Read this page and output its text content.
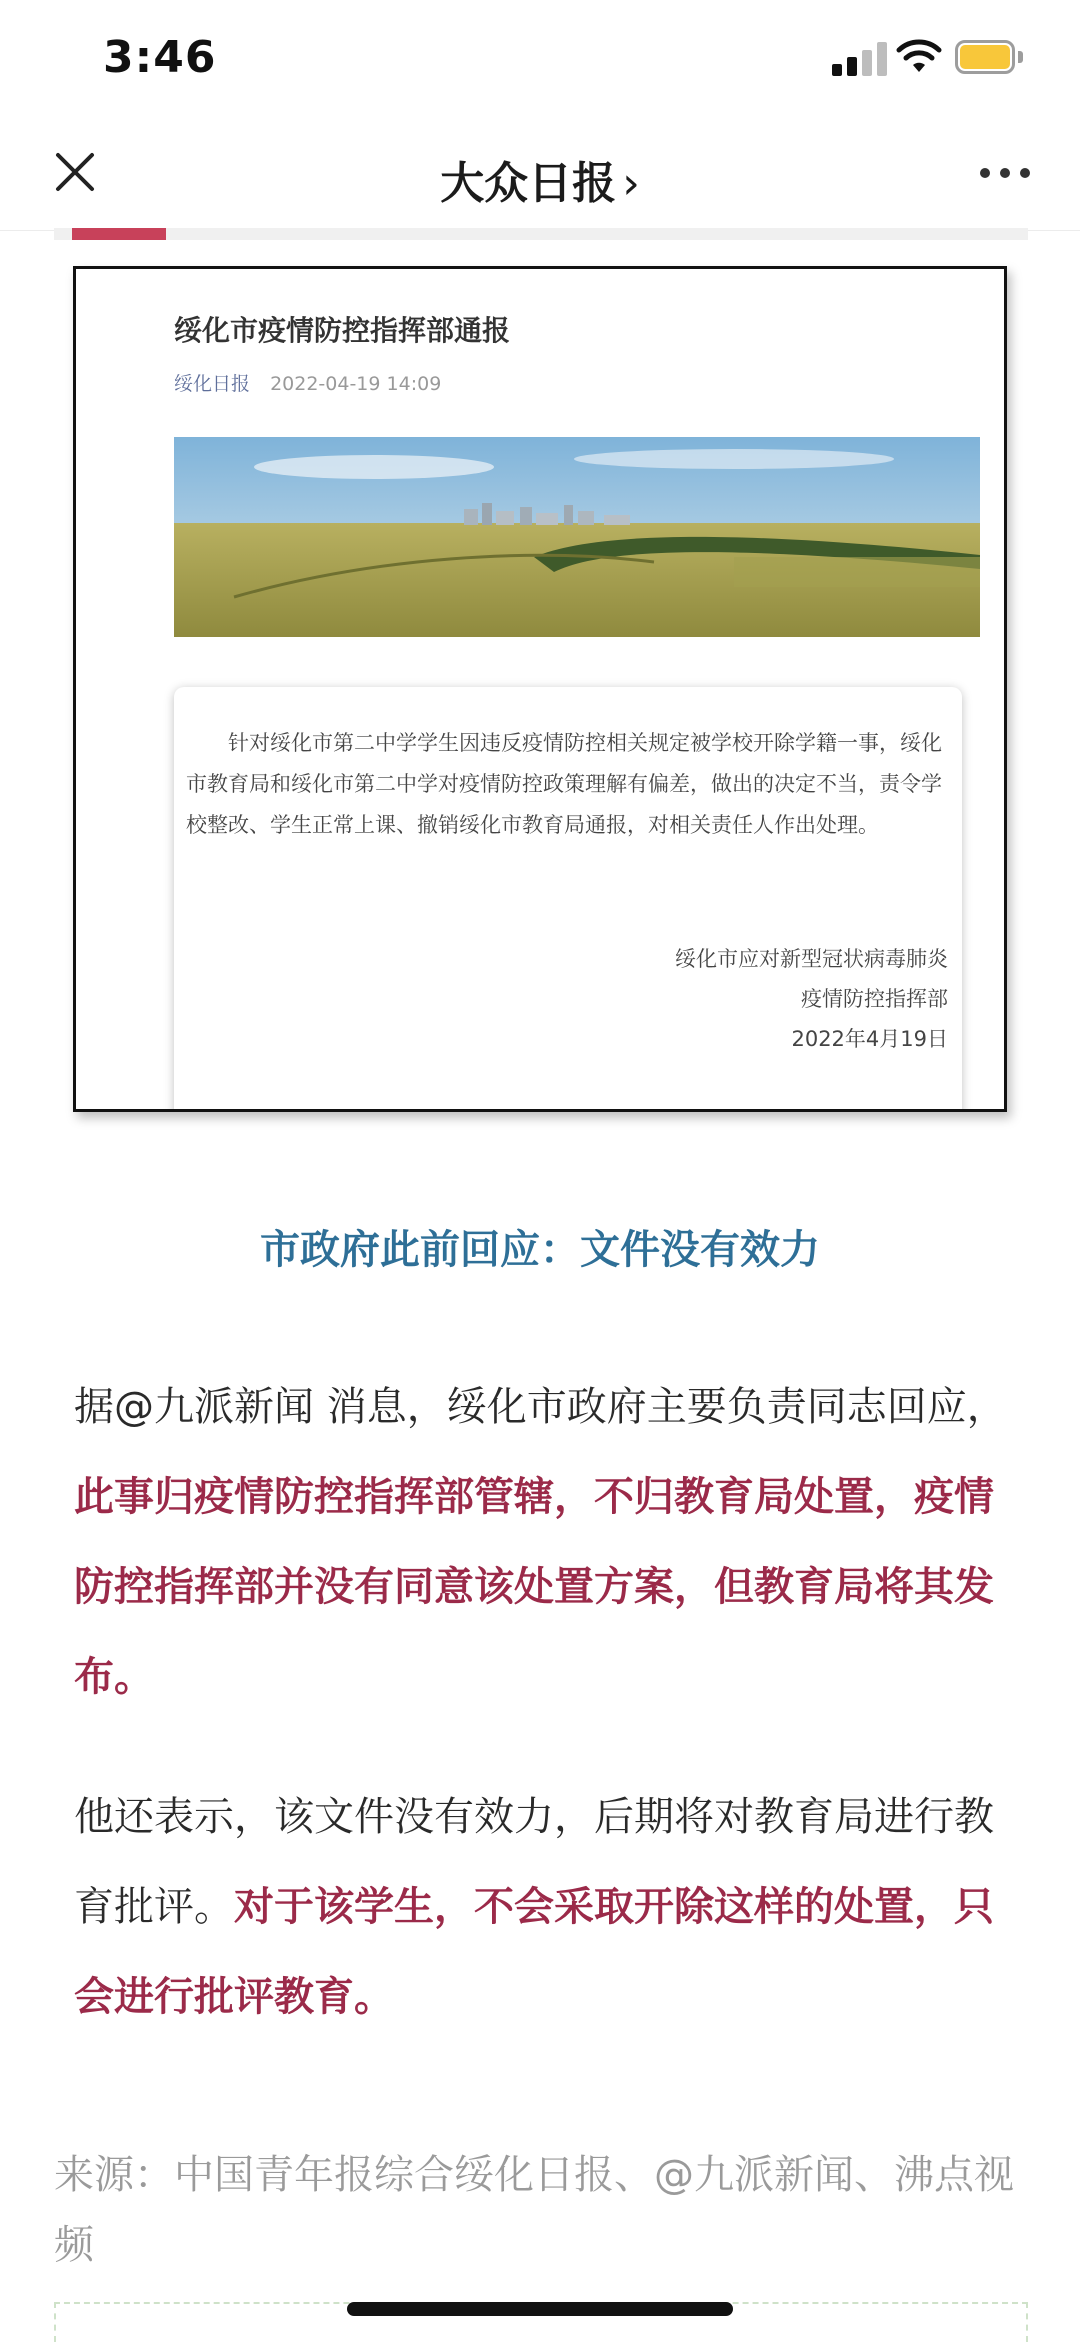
3:46
大众日报 ›
绥化市疫情防控指挥部通报
绥化日报 2022-04-19 14:09
针对绥化市第二中学学生因违反疫情防控相关规定被学校开除学籍一事，绥化市教育局和绥化市第二中学对疫情防控政策理解有偏差，做出的决定不当，责令学校整改、学生正常上课、撤销绥化市教育局通报，对相关责任人作出处理。
绥化市应对新型冠状病毒肺炎
疫情防控指挥部
2022年4月19日
市政府此前回应：文件没有效力
据@九派新闻 消息，绥化市政府主要负责同志回应，此事归疫情防控指挥部管辖，不归教育局处置，疫情防控指挥部并没有同意该处置方案，但教育局将其发布。
他还表示，该文件没有效力，后期将对教育局进行教育批评。对于该学生，不会采取开除这样的处置，只会进行批评教育。
来源：中国青年报综合绥化日报、@九派新闻、沸点视频
